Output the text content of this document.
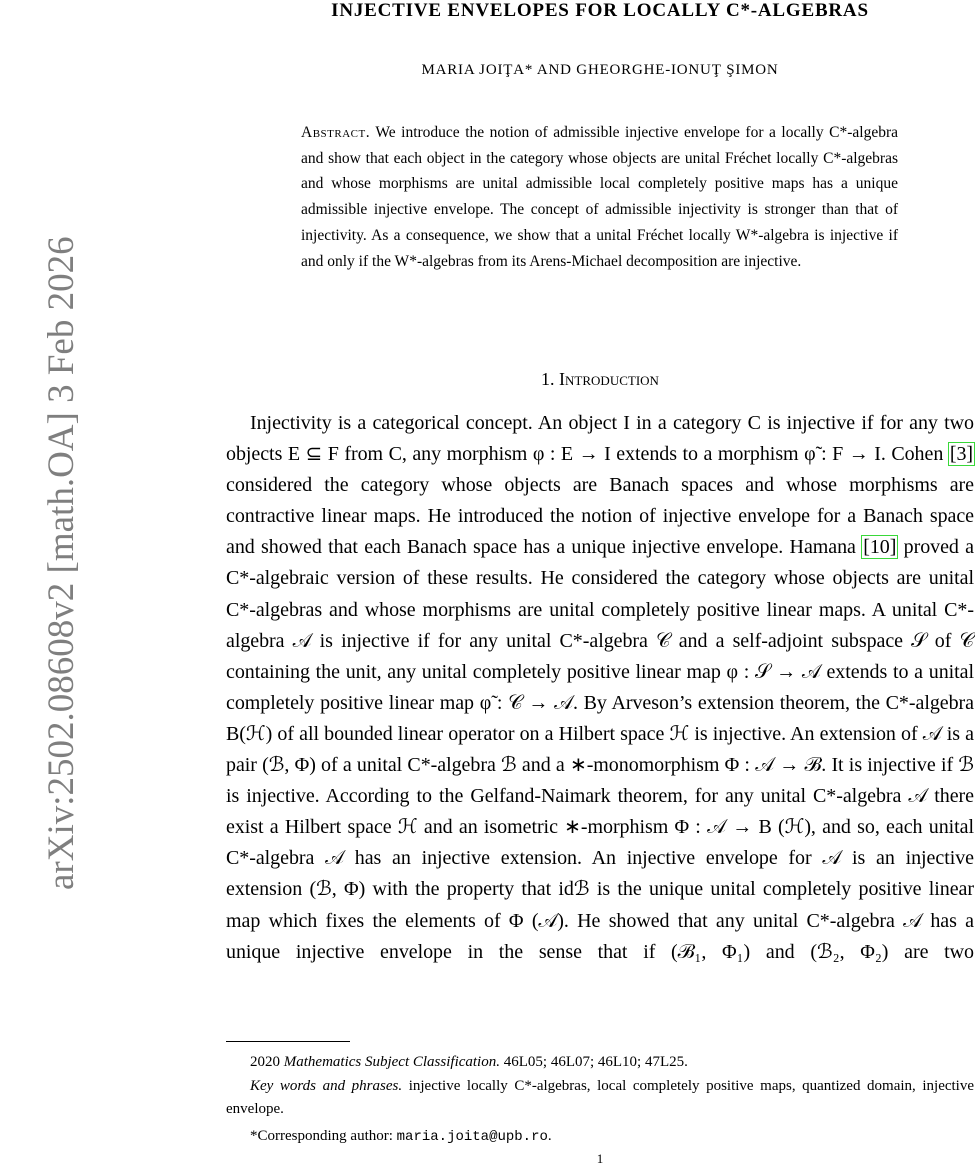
arXiv:2502.08608v2 [math.OA] 3 Feb 2026
INJECTIVE ENVELOPES FOR LOCALLY C*-ALGEBRAS
MARIA JOIŢA* AND GHEORGHE-IONUŢ ŞIMON
Abstract. We introduce the notion of admissible injective envelope for a locally C*-algebra and show that each object in the category whose objects are unital Fréchet locally C*-algebras and whose morphisms are unital admissible local completely positive maps has a unique admissible injective envelope. The concept of admissible injectivity is stronger than that of injectivity. As a consequence, we show that a unital Fréchet locally W*-algebra is injective if and only if the W*-algebras from its Arens-Michael decomposition are injective.
1. Introduction
Injectivity is a categorical concept. An object I in a category C is injective if for any two objects E ⊆ F from C, any morphism φ : E → I extends to a morphism φ̃ : F → I. Cohen [3] considered the category whose objects are Banach spaces and whose morphisms are contractive linear maps. He introduced the notion of injective envelope for a Banach space and showed that each Banach space has a unique injective envelope. Hamana [10] proved a C*-algebraic version of these results. He considered the category whose objects are unital C*-algebras and whose morphisms are unital completely positive linear maps. A unital C*-algebra 𝒜 is injective if for any unital C*-algebra 𝒞 and a self-adjoint subspace 𝒮 of 𝒞 containing the unit, any unital completely positive linear map φ : 𝒮 → 𝒜 extends to a unital completely positive linear map φ̃ : 𝒞 → 𝒜. By Arveson’s extension theorem, the C*-algebra B(ℋ) of all bounded linear operator on a Hilbert space ℋ is injective. An extension of 𝒜 is a pair (ℬ, Φ) of a unital C*-algebra ℬ and a ∗-monomorphism Φ : 𝒜 → ℬ. It is injective if ℬ is injective. According to the Gelfand-Naimark theorem, for any unital C*-algebra 𝒜 there exist a Hilbert space ℋ and an isometric ∗-morphism Φ : 𝒜 → B (ℋ), and so, each unital C*-algebra 𝒜 has an injective extension. An injective envelope for 𝒜 is an injective extension (ℬ, Φ) with the property that idℬ is the unique unital completely positive linear map which fixes the elements of Φ (𝒜). He showed that any unital C*-algebra 𝒜 has a unique injective envelope in the sense that if (ℬ₁, Φ₁) and (ℬ₂, Φ₂) are two

2020 Mathematics Subject Classification. 46L05; 46L07; 46L10; 47L25.

Key words and phrases. injective locally C*-algebras, local completely positive maps, quantized domain, injective envelope.

*Corresponding author: maria.joita@upb.ro.

1
